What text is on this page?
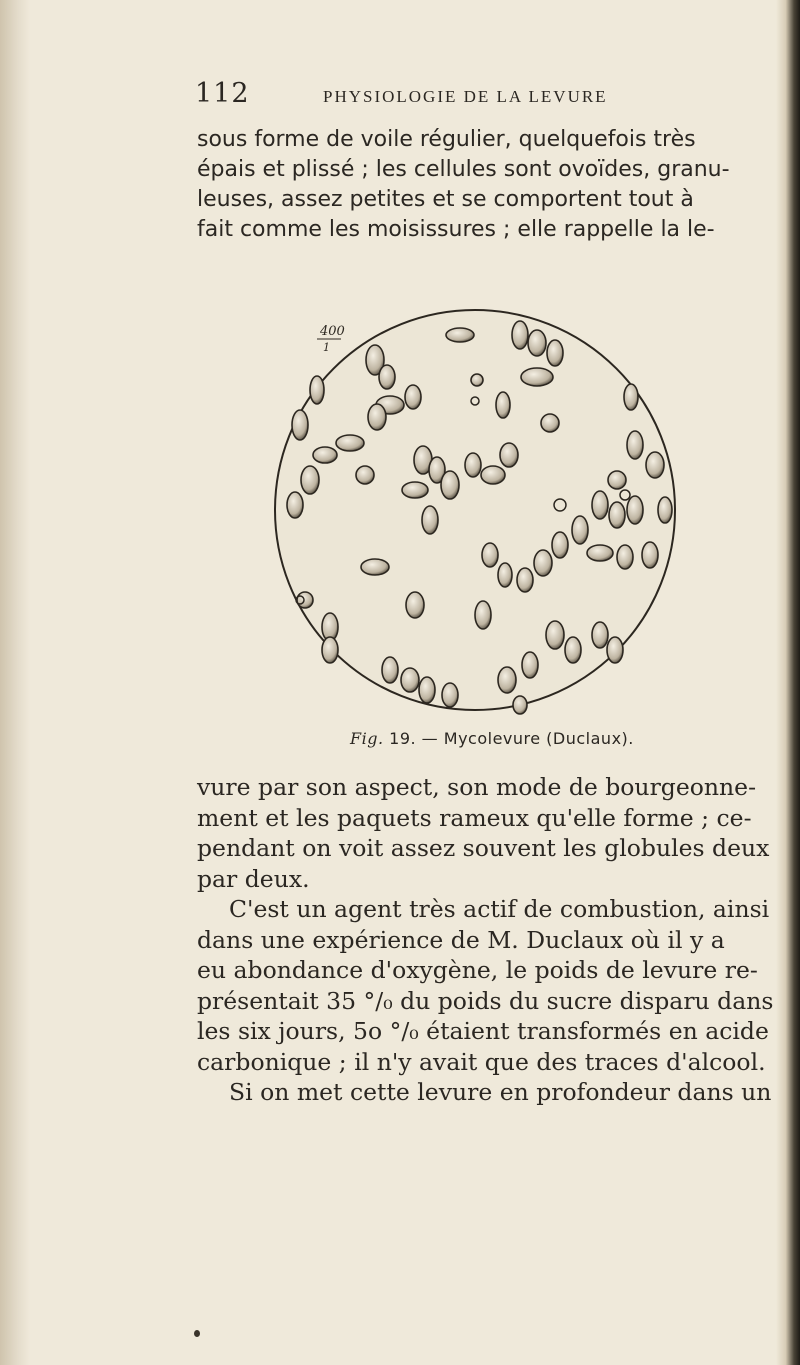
112	PHYSIOLOGIE DE LA LEVURE
sous forme de voile régulier, quelquefois très
épais et plissé ; les cellules sont ovoïdes, granu-
leuses, assez petites et se comportent tout à
fait comme les moisissures ; elle rappelle la le-
400
1
Fig. 19. — Mycolevure (Duclaux).
vure par son aspect, son mode de bourgeonne-
ment et les paquets rameux qu'elle forme ; ce-
pendant on voit assez souvent les globules deux
par deux.
C'est un agent très actif de combustion, ainsi
dans une expérience de M. Duclaux où il y a
eu abondance d'oxygène, le poids de levure re-
présentait 35 °/₀ du poids du sucre disparu dans
les six jours, 5o °/₀ étaient transformés en acide
carbonique ; il n'y avait que des traces d'alcool.
Si on met cette levure en profondeur dans un
